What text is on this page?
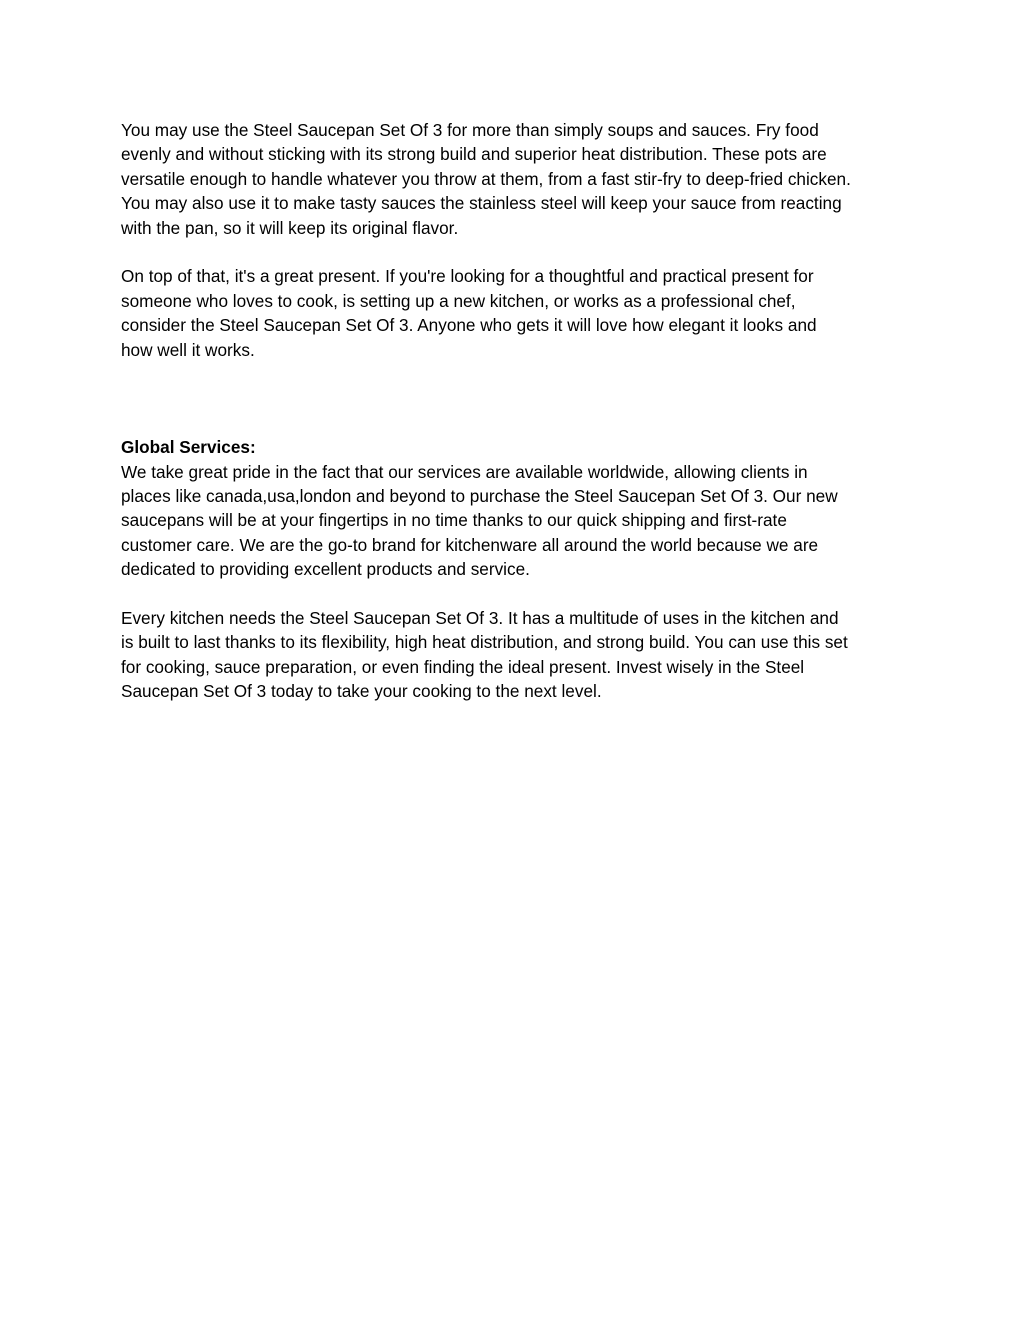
You may use the Steel Saucepan Set Of 3 for more than simply soups and sauces. Fry food
evenly and without sticking with its strong build and superior heat distribution. These pots are
versatile enough to handle whatever you throw at them, from a fast stir-fry to deep-fried chicken.
You may also use it to make tasty sauces the stainless steel will keep your sauce from reacting
with the pan, so it will keep its original flavor.

On top of that, it's a great present. If you're looking for a thoughtful and practical present for
someone who loves to cook, is setting up a new kitchen, or works as a professional chef,
consider the Steel Saucepan Set Of 3. Anyone who gets it will love how elegant it looks and
how well it works.

Global Services:

We take great pride in the fact that our services are available worldwide, allowing clients in
places like canada,usa,london and beyond to purchase the Steel Saucepan Set Of 3. Our new
saucepans will be at your fingertips in no time thanks to our quick shipping and first-rate
customer care. We are the go-to brand for kitchenware all around the world because we are
dedicated to providing excellent products and service.

Every kitchen needs the Steel Saucepan Set Of 3. It has a multitude of uses in the kitchen and
is built to last thanks to its flexibility, high heat distribution, and strong build. You can use this set
for cooking, sauce preparation, or even finding the ideal present. Invest wisely in the Steel
Saucepan Set Of 3 today to take your cooking to the next level.
